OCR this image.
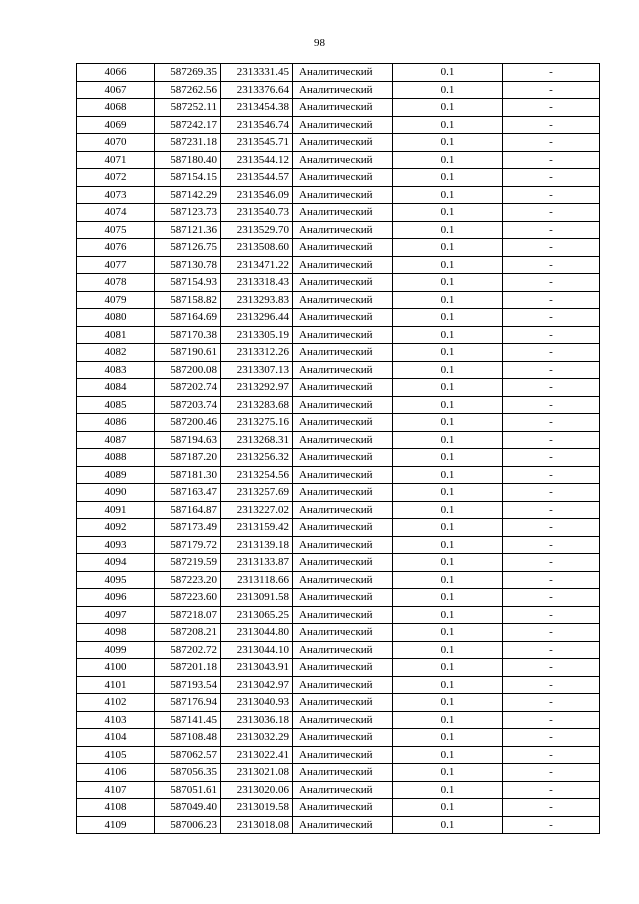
98
4066	587269.35	2313331.45	Аналитический	0.1	-
4067	587262.56	2313376.64	Аналитический	0.1	-
4068	587252.11	2313454.38	Аналитический	0.1	-
4069	587242.17	2313546.74	Аналитический	0.1	-
4070	587231.18	2313545.71	Аналитический	0.1	-
4071	587180.40	2313544.12	Аналитический	0.1	-
4072	587154.15	2313544.57	Аналитический	0.1	-
4073	587142.29	2313546.09	Аналитический	0.1	-
4074	587123.73	2313540.73	Аналитический	0.1	-
4075	587121.36	2313529.70	Аналитический	0.1	-
4076	587126.75	2313508.60	Аналитический	0.1	-
4077	587130.78	2313471.22	Аналитический	0.1	-
4078	587154.93	2313318.43	Аналитический	0.1	-
4079	587158.82	2313293.83	Аналитический	0.1	-
4080	587164.69	2313296.44	Аналитический	0.1	-
4081	587170.38	2313305.19	Аналитический	0.1	-
4082	587190.61	2313312.26	Аналитический	0.1	-
4083	587200.08	2313307.13	Аналитический	0.1	-
4084	587202.74	2313292.97	Аналитический	0.1	-
4085	587203.74	2313283.68	Аналитический	0.1	-
4086	587200.46	2313275.16	Аналитический	0.1	-
4087	587194.63	2313268.31	Аналитический	0.1	-
4088	587187.20	2313256.32	Аналитический	0.1	-
4089	587181.30	2313254.56	Аналитический	0.1	-
4090	587163.47	2313257.69	Аналитический	0.1	-
4091	587164.87	2313227.02	Аналитический	0.1	-
4092	587173.49	2313159.42	Аналитический	0.1	-
4093	587179.72	2313139.18	Аналитический	0.1	-
4094	587219.59	2313133.87	Аналитический	0.1	-
4095	587223.20	2313118.66	Аналитический	0.1	-
4096	587223.60	2313091.58	Аналитический	0.1	-
4097	587218.07	2313065.25	Аналитический	0.1	-
4098	587208.21	2313044.80	Аналитический	0.1	-
4099	587202.72	2313044.10	Аналитический	0.1	-
4100	587201.18	2313043.91	Аналитический	0.1	-
4101	587193.54	2313042.97	Аналитический	0.1	-
4102	587176.94	2313040.93	Аналитический	0.1	-
4103	587141.45	2313036.18	Аналитический	0.1	-
4104	587108.48	2313032.29	Аналитический	0.1	-
4105	587062.57	2313022.41	Аналитический	0.1	-
4106	587056.35	2313021.08	Аналитический	0.1	-
4107	587051.61	2313020.06	Аналитический	0.1	-
4108	587049.40	2313019.58	Аналитический	0.1	-
4109	587006.23	2313018.08	Аналитический	0.1	-
